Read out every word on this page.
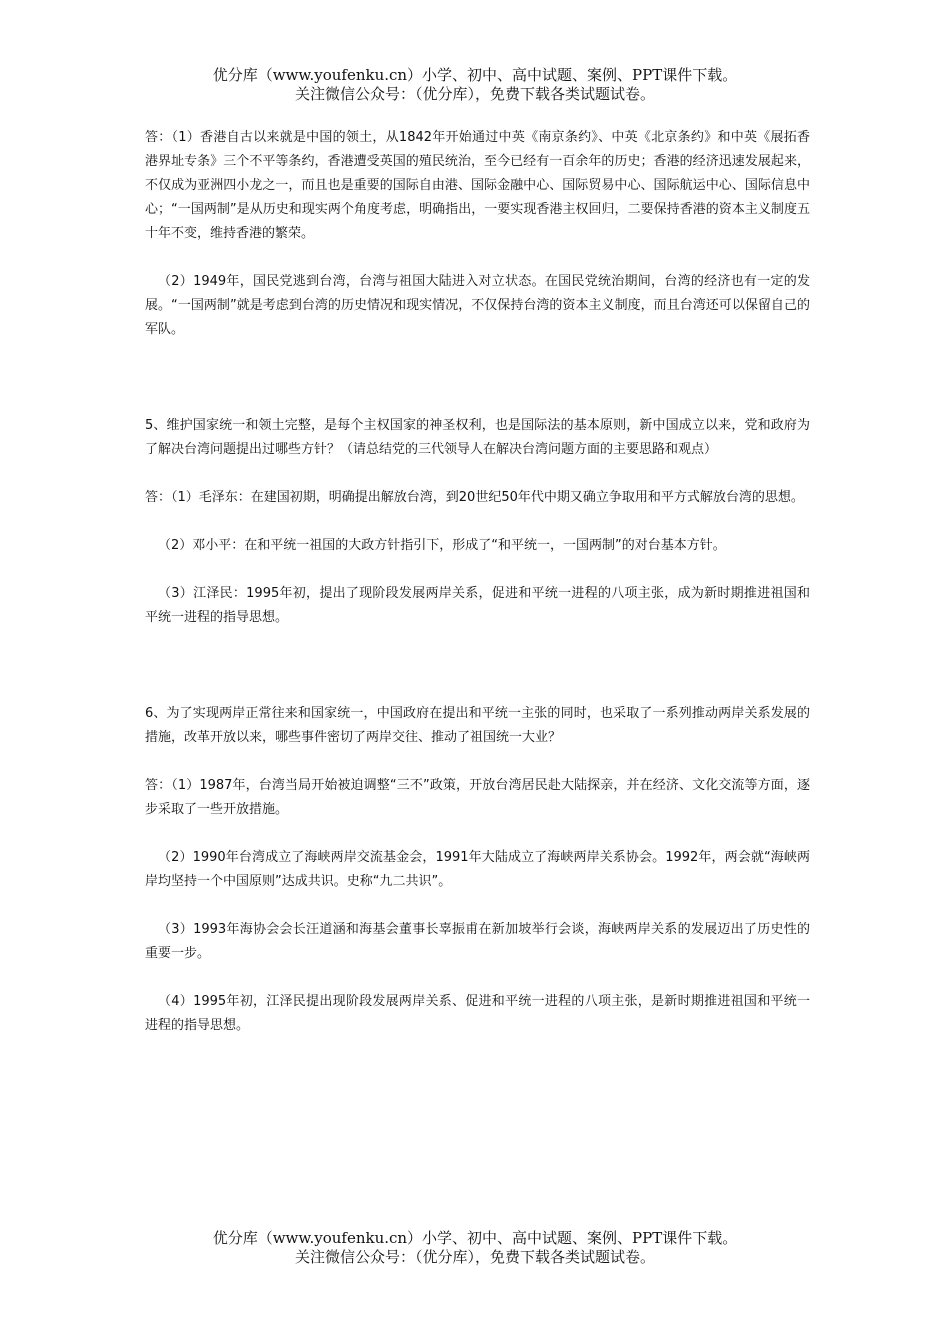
优分库（www.youfenku.cn）小学、初中、高中试题、案例、PPT课件下载。
关注微信公众号：（优分库），免费下载各类试题试卷。

答：（1）香港自古以来就是中国的领土，从1842年开始通过中英《南京条约》、中英《北京条约》和中英《展拓香港界址专条》三个不平等条约，香港遭受英国的殖民统治，至今已经有一百余年的历史；香港的经济迅速发展起来，不仅成为亚洲四小龙之一，而且也是重要的国际自由港、国际金融中心、国际贸易中心、国际航运中心、国际信息中心；“一国两制”是从历史和现实两个角度考虑，明确指出，一要实现香港主权回归，二要保持香港的资本主义制度五十年不变，维持香港的繁荣。

（2）1949年，国民党逃到台湾，台湾与祖国大陆进入对立状态。在国民党统治期间，台湾的经济也有一定的发展。“一国两制”就是考虑到台湾的历史情况和现实情况，不仅保持台湾的资本主义制度，而且台湾还可以保留自己的军队。

5、维护国家统一和领土完整，是每个主权国家的神圣权利，也是国际法的基本原则，新中国成立以来，党和政府为了解决台湾问题提出过哪些方针？（请总结党的三代领导人在解决台湾问题方面的主要思路和观点）

答：（1）毛泽东：在建国初期，明确提出解放台湾，到20世纪50年代中期又确立争取用和平方式解放台湾的思想。

（2）邓小平：在和平统一祖国的大政方针指引下，形成了“和平统一，一国两制”的对台基本方针。

（3）江泽民：1995年初，提出了现阶段发展两岸关系，促进和平统一进程的八项主张，成为新时期推进祖国和平统一进程的指导思想。

6、为了实现两岸正常往来和国家统一，中国政府在提出和平统一主张的同时，也采取了一系列推动两岸关系发展的措施，改革开放以来，哪些事件密切了两岸交往、推动了祖国统一大业？

答：（1）1987年，台湾当局开始被迫调整“三不”政策，开放台湾居民赴大陆探亲，并在经济、文化交流等方面，逐步采取了一些开放措施。

（2）1990年台湾成立了海峡两岸交流基金会，1991年大陆成立了海峡两岸关系协会。1992年，两会就“海峡两岸均坚持一个中国原则”达成共识。史称“九二共识”。

（3）1993年海协会会长汪道涵和海基会董事长辜振甫在新加坡举行会谈，海峡两岸关系的发展迈出了历史性的重要一步。

（4）1995年初，江泽民提出现阶段发展两岸关系、促进和平统一进程的八项主张，是新时期推进祖国和平统一进程的指导思想。

优分库（www.youfenku.cn）小学、初中、高中试题、案例、PPT课件下载。
关注微信公众号：（优分库），免费下载各类试题试卷。
